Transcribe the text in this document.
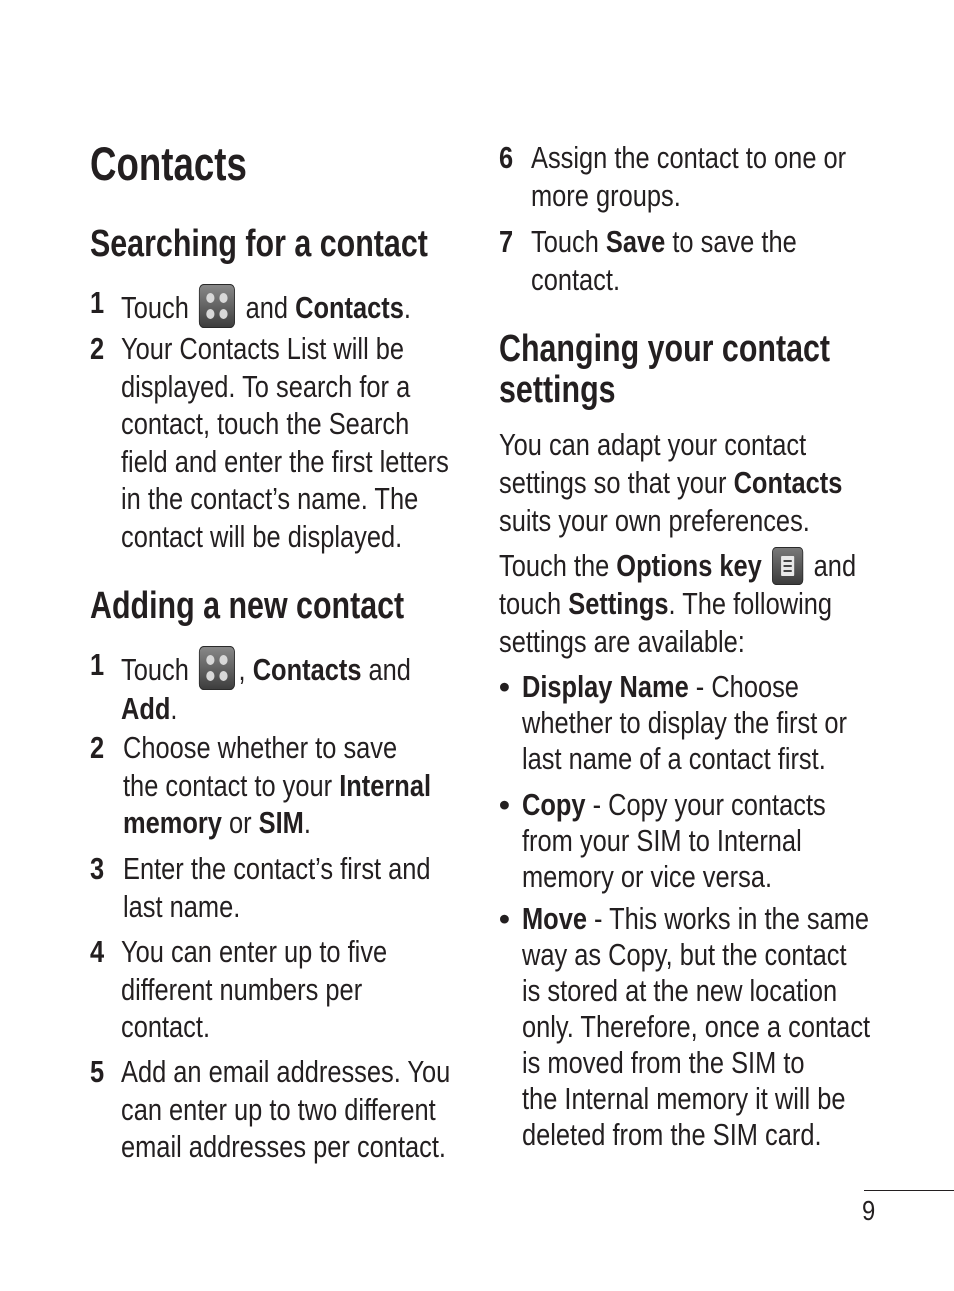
Contacts
Searching for a contact
1 Touch and Contacts.
2 Your Contacts List will be
displayed. To search for a
contact, touch the Search
field and enter the first letters
in the contact’s name. The
contact will be displayed.
Adding a new contact
1 Touch , Contacts and
Add.
2 Choose whether to save
the contact to your Internal
memory or SIM.
3 Enter the contact’s first and
last name.
4 You can enter up to five
different numbers per
contact.
5 Add an email addresses. You
can enter up to two different
email addresses per contact.
6 Assign the contact to one or
more groups.
7 Touch Save to save the
contact.
Changing your contact
settings
You can adapt your contact
settings so that your Contacts
suits your own preferences.
Touch the Options key and
touch Settings. The following
settings are available:
• Display Name - Choose
whether to display the first or
last name of a contact first.
• Copy - Copy your contacts
from your SIM to Internal
memory or vice versa.
• Move - This works in the same
way as Copy, but the contact
is stored at the new location
only. Therefore, once a contact
is moved from the SIM to
the Internal memory it will be
deleted from the SIM card.
9
